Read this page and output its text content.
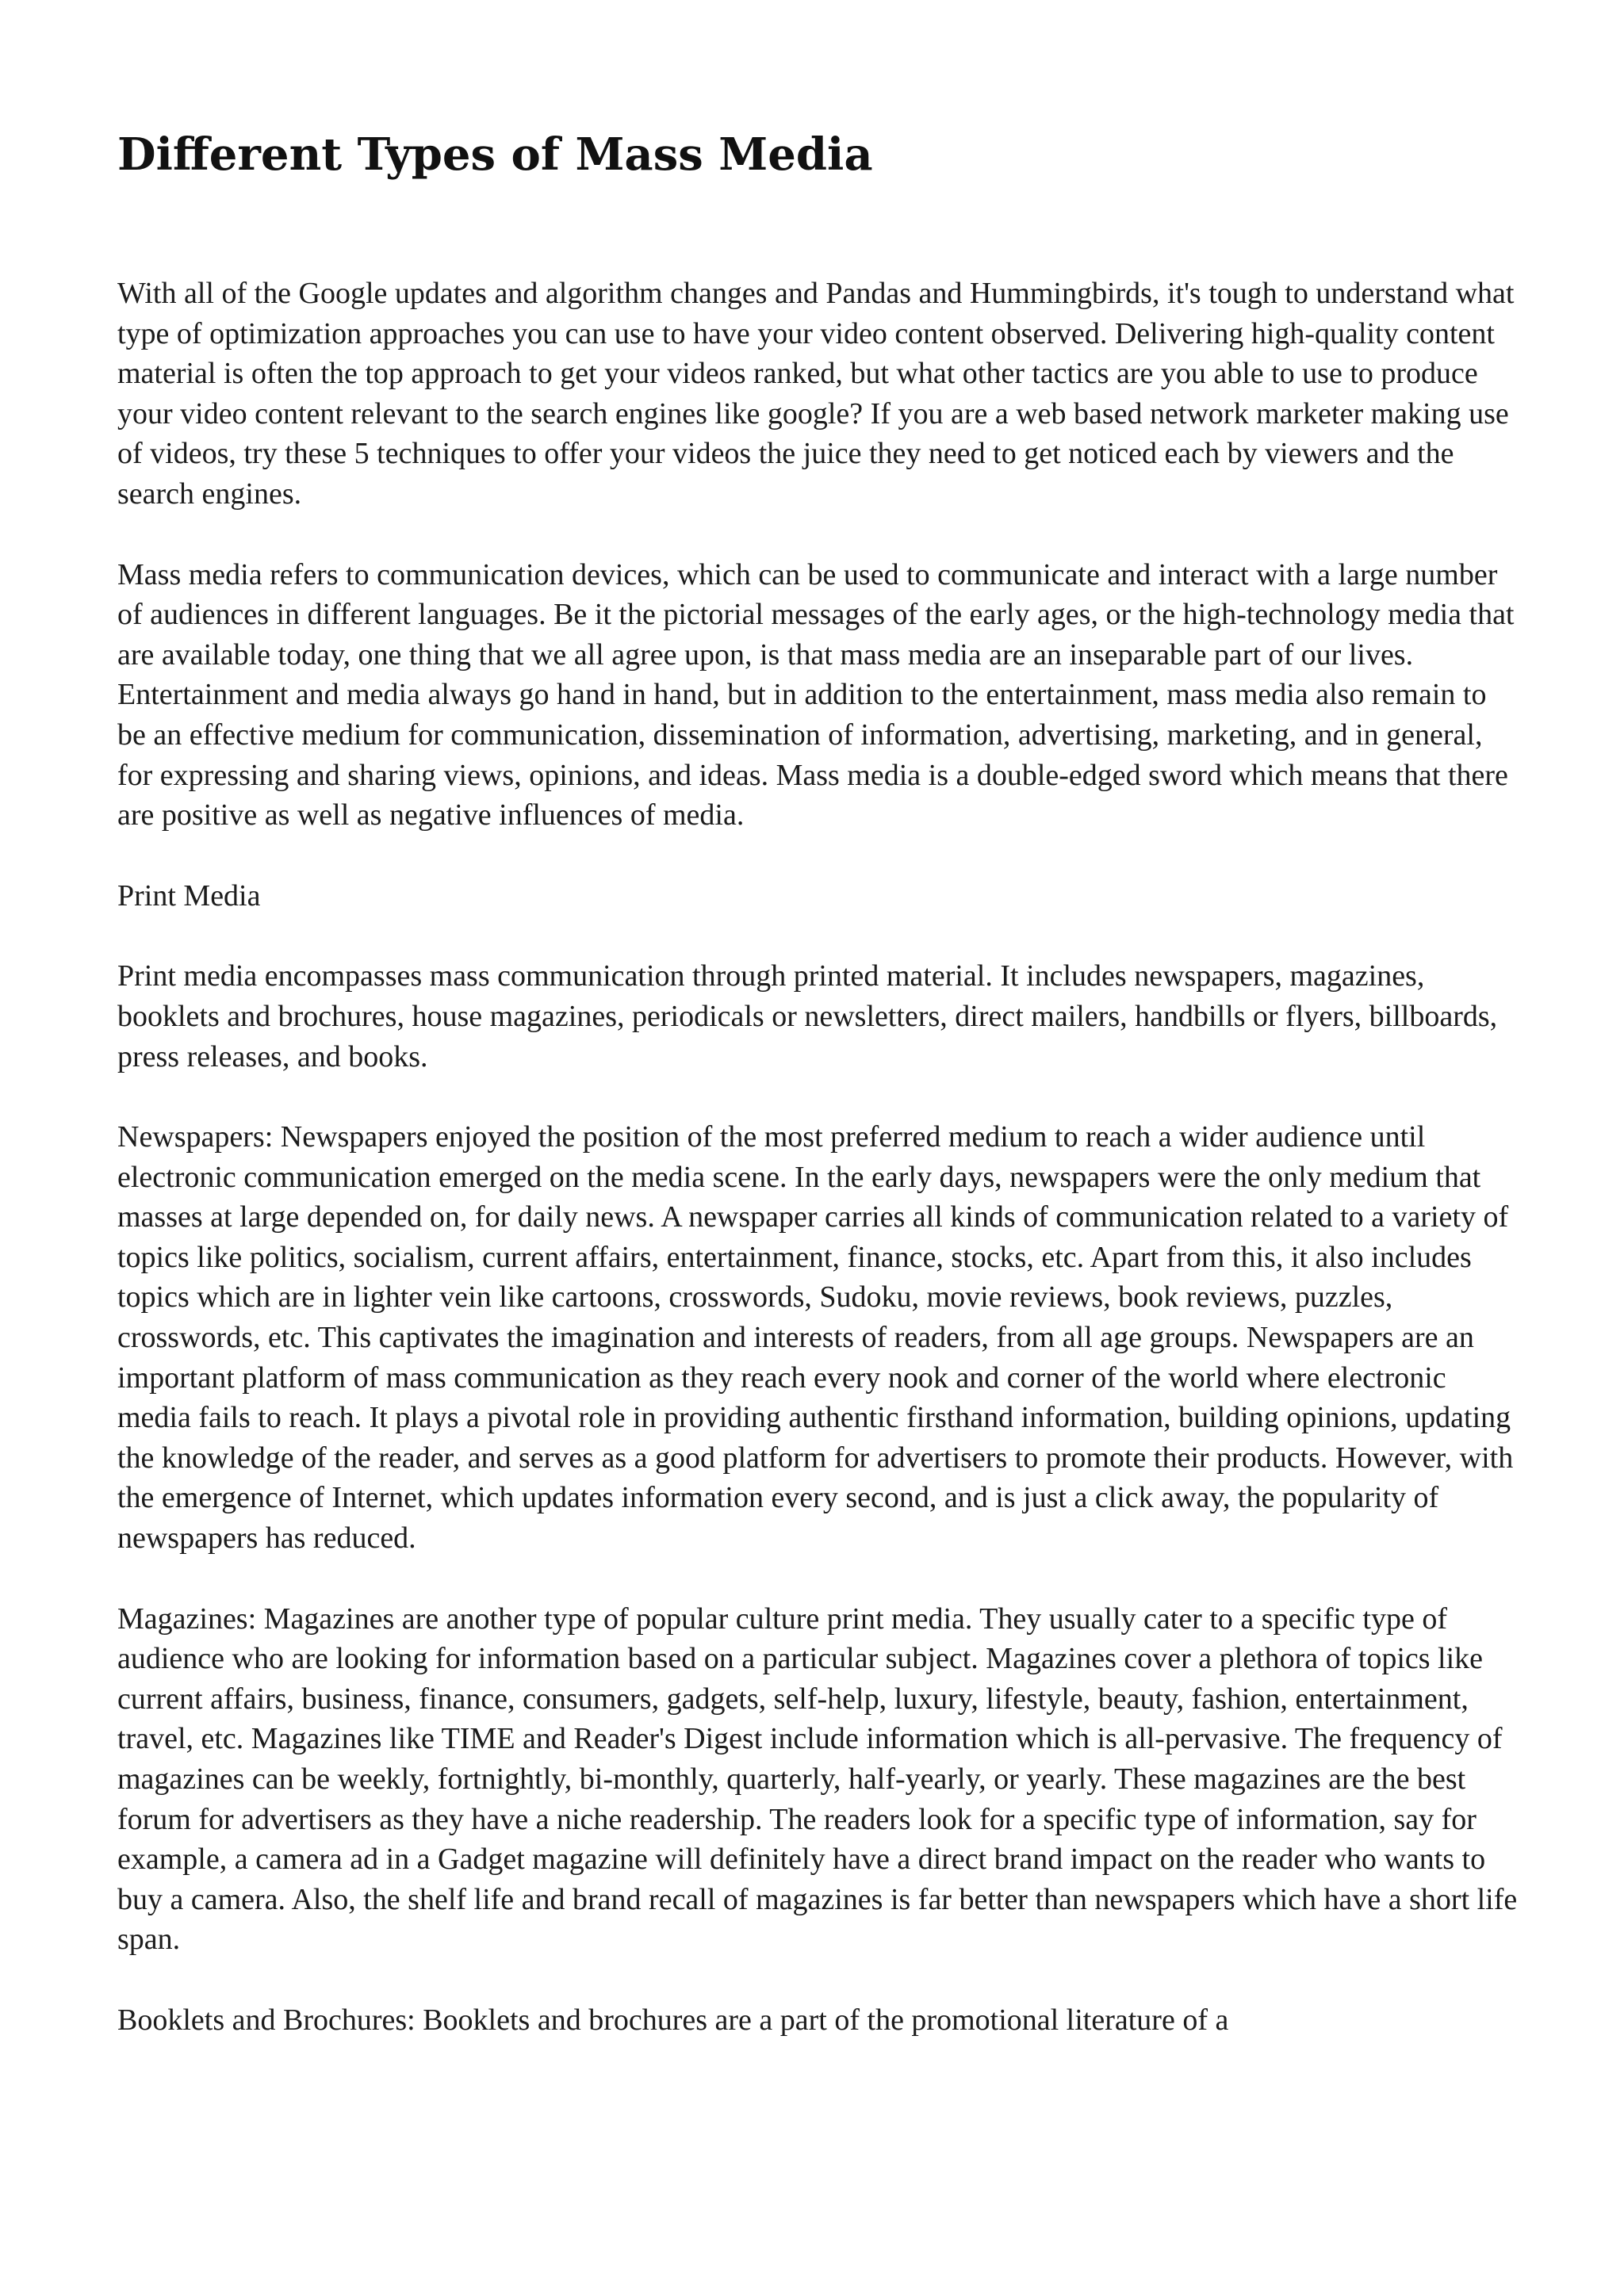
Different Types of Mass Media

With all of the Google updates and algorithm changes and Pandas and Hummingbirds, it's tough to understand what type of optimization approaches you can use to have your video content observed. Delivering high-quality content material is often the top approach to get your videos ranked, but what other tactics are you able to use to produce your video content relevant to the search engines like google? If you are a web based network marketer making use of videos, try these 5 techniques to offer your videos the juice they need to get noticed each by viewers and the search engines.

Mass media refers to communication devices, which can be used to communicate and interact with a large number of audiences in different languages. Be it the pictorial messages of the early ages, or the high-technology media that are available today, one thing that we all agree upon, is that mass media are an inseparable part of our lives. Entertainment and media always go hand in hand, but in addition to the entertainment, mass media also remain to be an effective medium for communication, dissemination of information, advertising, marketing, and in general, for expressing and sharing views, opinions, and ideas. Mass media is a double-edged sword which means that there are positive as well as negative influences of media.

Print Media

Print media encompasses mass communication through printed material. It includes newspapers, magazines, booklets and brochures, house magazines, periodicals or newsletters, direct mailers, handbills or flyers, billboards, press releases, and books.

Newspapers: Newspapers enjoyed the position of the most preferred medium to reach a wider audience until electronic communication emerged on the media scene. In the early days, newspapers were the only medium that masses at large depended on, for daily news. A newspaper carries all kinds of communication related to a variety of topics like politics, socialism, current affairs, entertainment, finance, stocks, etc. Apart from this, it also includes topics which are in lighter vein like cartoons, crosswords, Sudoku, movie reviews, book reviews, puzzles, crosswords, etc. This captivates the imagination and interests of readers, from all age groups. Newspapers are an important platform of mass communication as they reach every nook and corner of the world where electronic media fails to reach. It plays a pivotal role in providing authentic firsthand information, building opinions, updating the knowledge of the reader, and serves as a good platform for advertisers to promote their products. However, with the emergence of Internet, which updates information every second, and is just a click away, the popularity of newspapers has reduced.

Magazines: Magazines are another type of popular culture print media. They usually cater to a specific type of audience who are looking for information based on a particular subject. Magazines cover a plethora of topics like current affairs, business, finance, consumers, gadgets, self-help, luxury, lifestyle, beauty, fashion, entertainment, travel, etc. Magazines like TIME and Reader's Digest include information which is all-pervasive. The frequency of magazines can be weekly, fortnightly, bi-monthly, quarterly, half-yearly, or yearly. These magazines are the best forum for advertisers as they have a niche readership. The readers look for a specific type of information, say for example, a camera ad in a Gadget magazine will definitely have a direct brand impact on the reader who wants to buy a camera. Also, the shelf life and brand recall of magazines is far better than newspapers which have a short life span.

Booklets and Brochures: Booklets and brochures are a part of the promotional literature of a
